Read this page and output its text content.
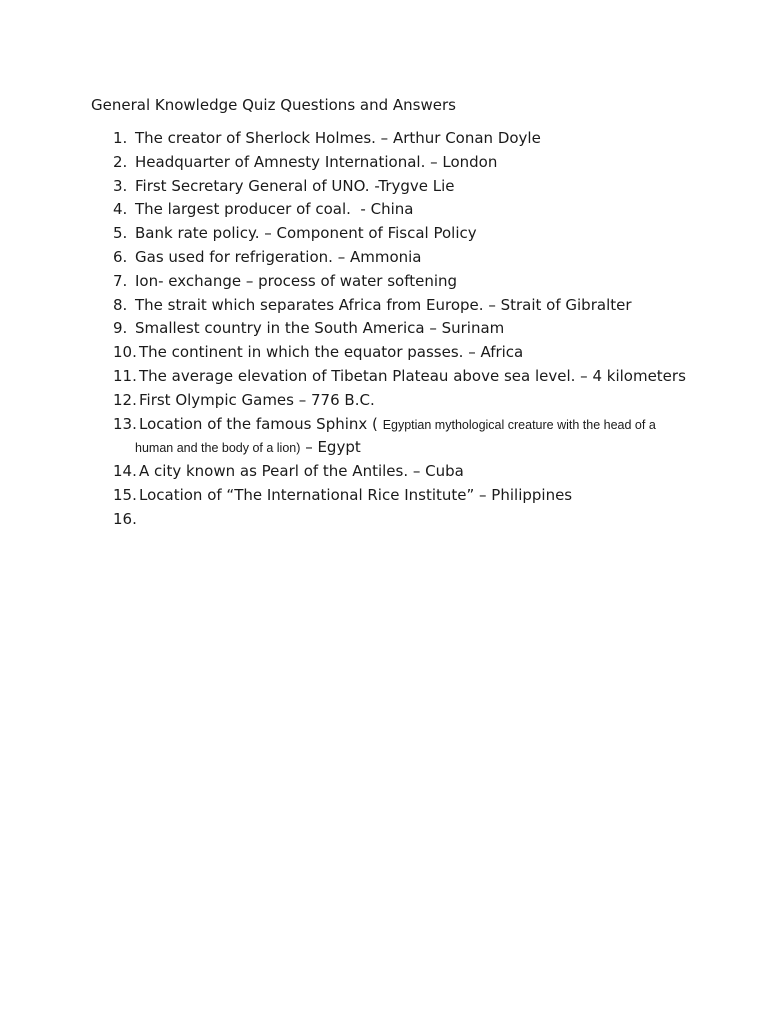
General Knowledge Quiz Questions and Answers
1. The creator of Sherlock Holmes. – Arthur Conan Doyle
2. Headquarter of Amnesty International. – London
3. First Secretary General of UNO. -Trygve Lie
4. The largest producer of coal.  - China
5. Bank rate policy. – Component of Fiscal Policy
6. Gas used for refrigeration. – Ammonia
7. Ion- exchange – process of water softening
8. The strait which separates Africa from Europe. – Strait of Gibralter
9. Smallest country in the South America – Surinam
10. The continent in which the equator passes. – Africa
11. The average elevation of Tibetan Plateau above sea level. – 4 kilometers
12. First Olympic Games – 776 B.C.
13. Location of the famous Sphinx ( Egyptian mythological creature with the head of a
human and the body of a lion) – Egypt
14. A city known as Pearl of the Antiles. – Cuba
15. Location of “The International Rice Institute” – Philippines
16.
